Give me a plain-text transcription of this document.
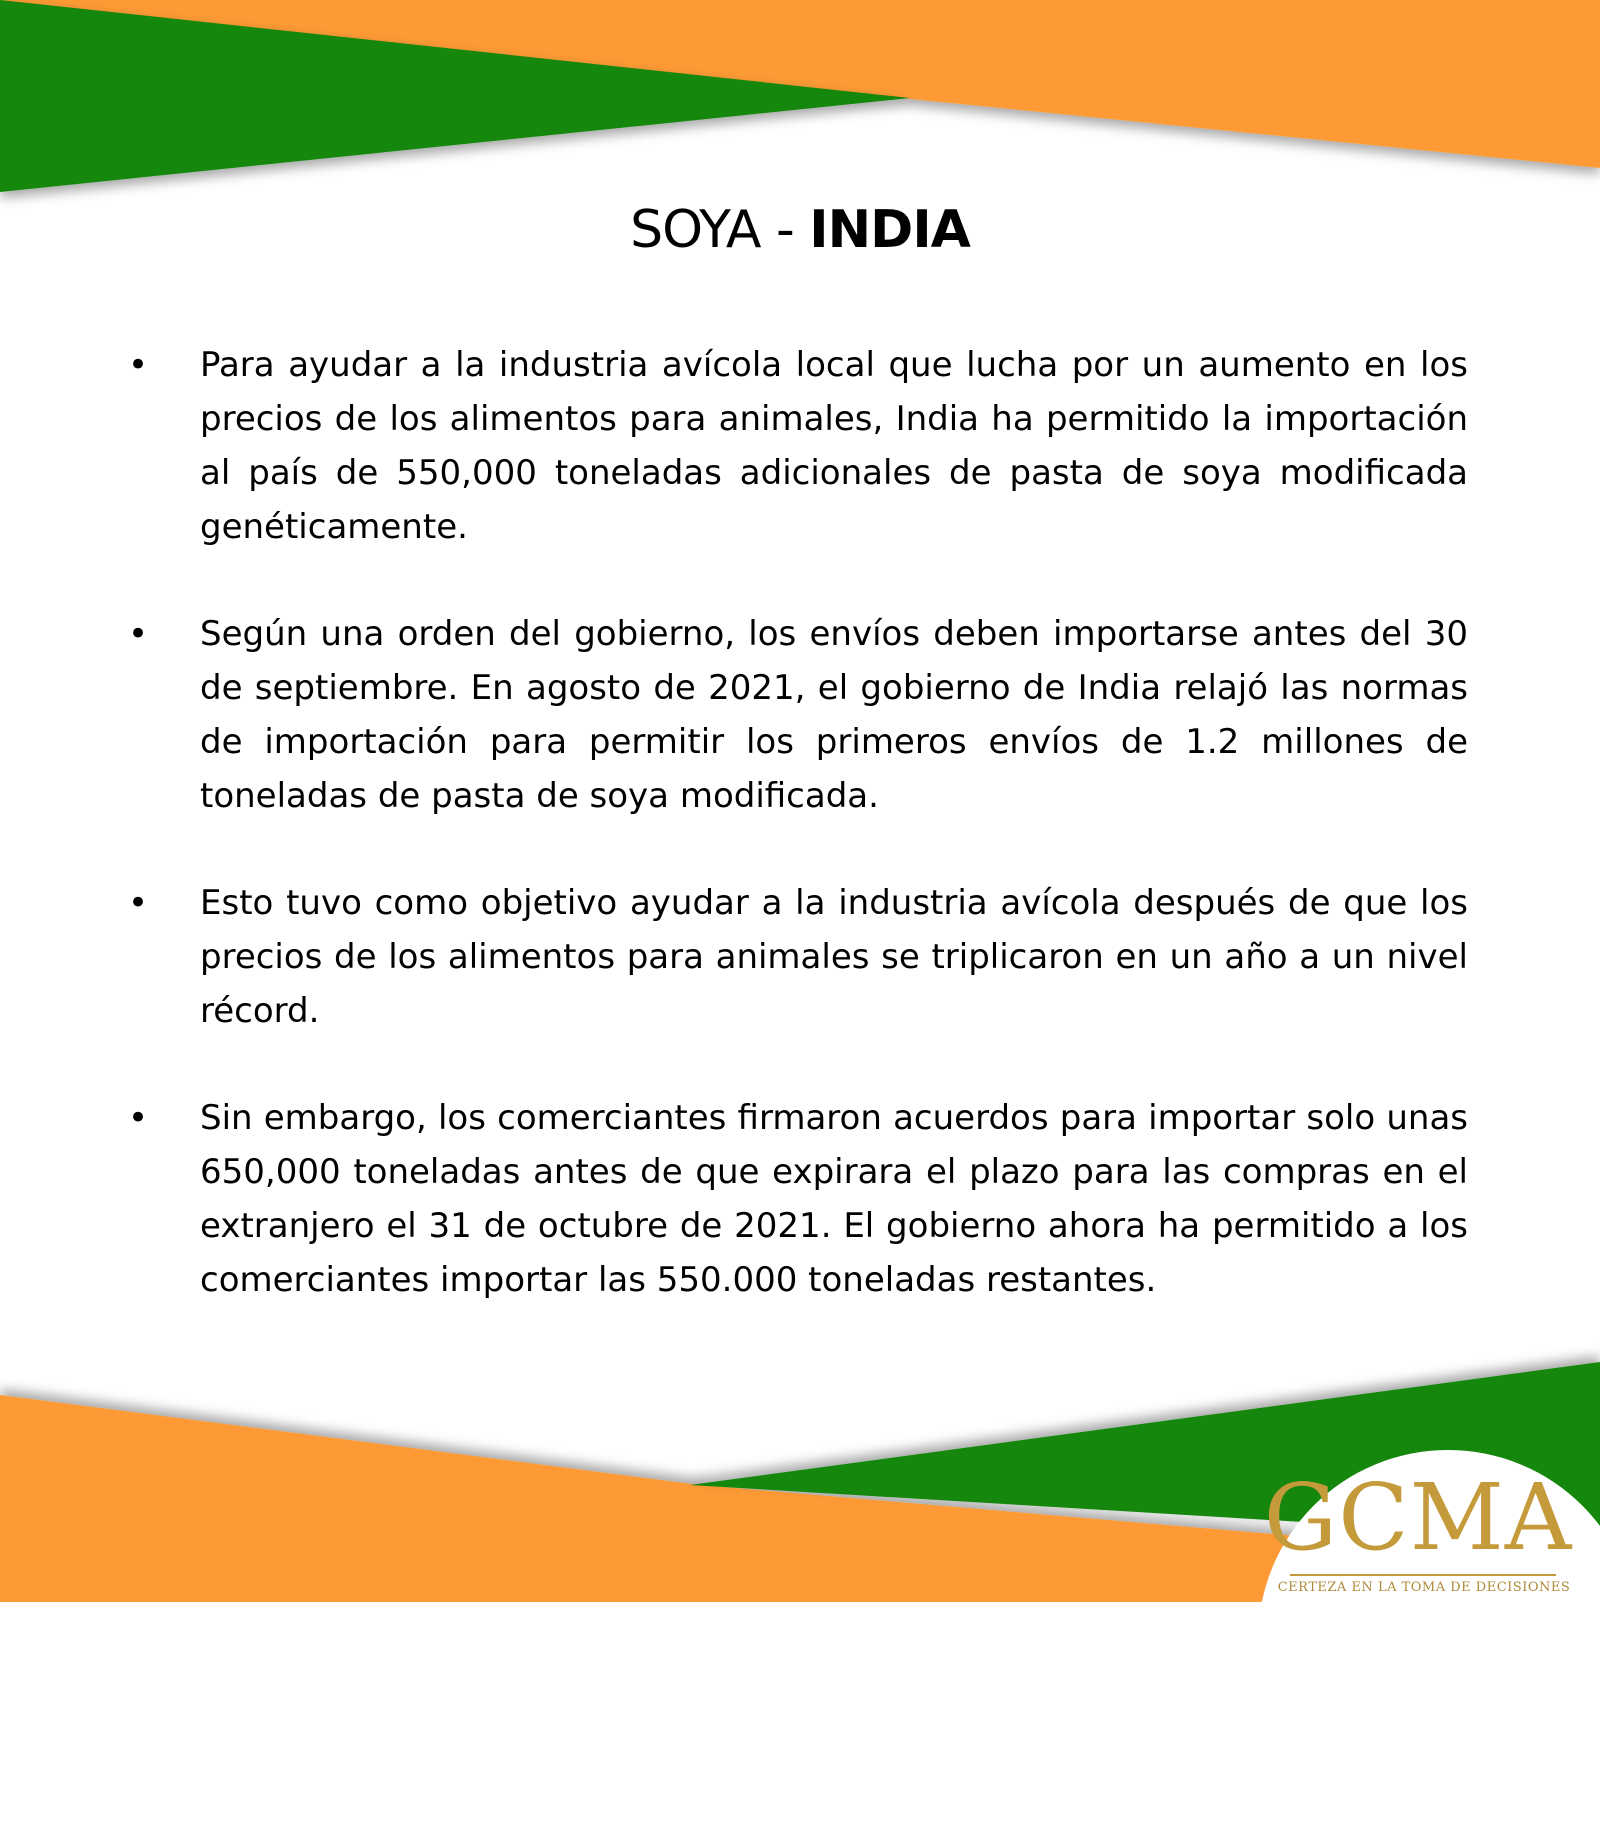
SOYA - INDIA
•	Para ayudar a la industria avícola local que lucha por un aumento en los precios de los alimentos para animales, India ha permitido la importación al país de 550,000 toneladas adicionales de pasta de soya modificada genéticamente.
•	Según una orden del gobierno, los envíos deben importarse antes del 30 de septiembre. En agosto de 2021, el gobierno de India relajó las normas de importación para permitir los primeros envíos de 1.2 millones de toneladas de pasta de soya modificada.
•	Esto tuvo como objetivo ayudar a la industria avícola después de que los precios de los alimentos para animales se triplicaron en un año a un nivel récord.
•	Sin embargo, los comerciantes firmaron acuerdos para importar solo unas 650,000 toneladas antes de que expirara el plazo para las compras en el extranjero el 31 de octubre de 2021. El gobierno ahora ha permitido a los comerciantes importar las 550.000 toneladas restantes.
GCMA
CERTEZA EN LA TOMA DE DECISIONES
